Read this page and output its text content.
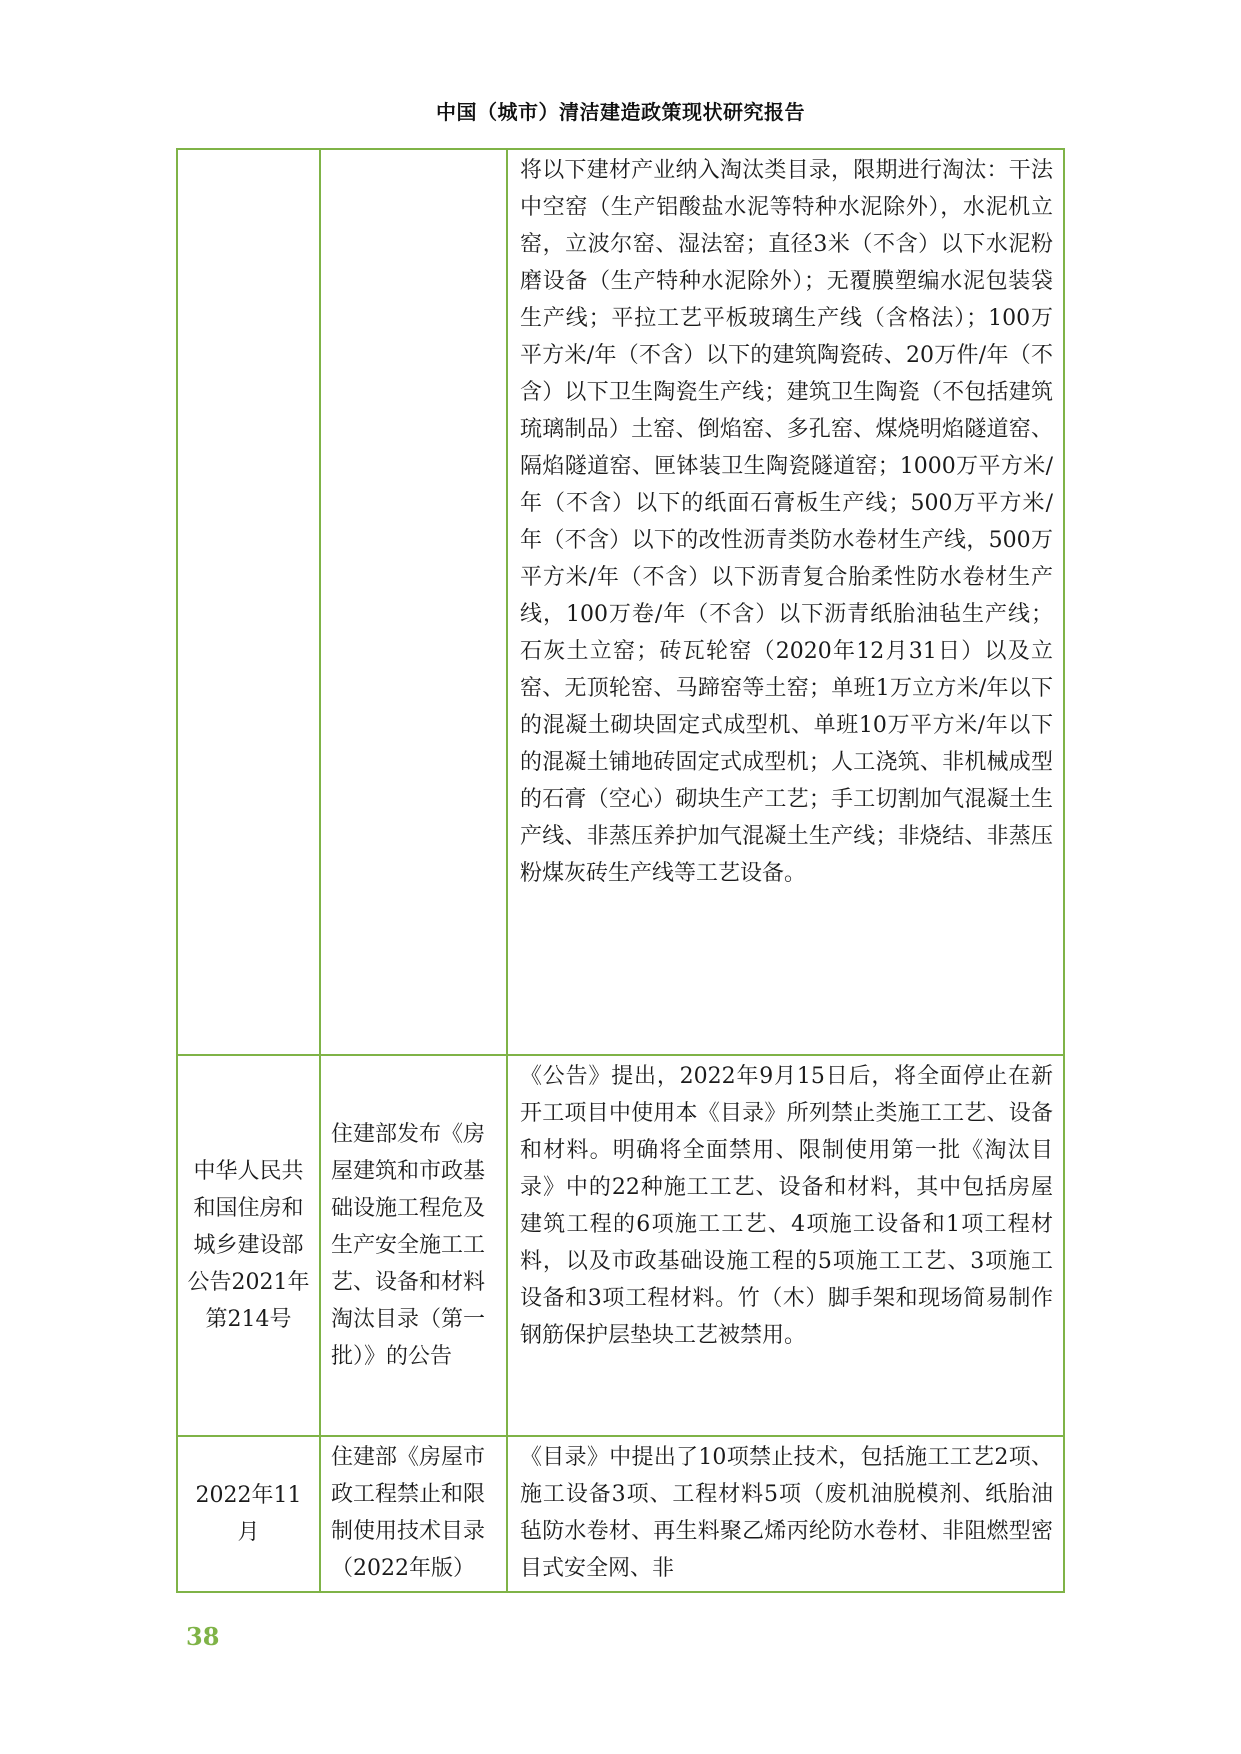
中国（城市）清洁建造政策现状研究报告
		将以下建材产业纳入淘汰类目录，限期进行淘汰：干法中空窑（生产铝酸盐水泥等特种水泥除外），水泥机立窑，立波尔窑、湿法窑；直径3米（不含）以下水泥粉磨设备（生产特种水泥除外）；无覆膜塑编水泥包装袋生产线；平拉工艺平板玻璃生产线（含格法）；100万平方米/年（不含）以下的建筑陶瓷砖、20万件/年（不含）以下卫生陶瓷生产线；建筑卫生陶瓷（不包括建筑琉璃制品）土窑、倒焰窑、多孔窑、煤烧明焰隧道窑、隔焰隧道窑、匣钵装卫生陶瓷隧道窑；1000万平方米/年（不含）以下的纸面石膏板生产线；500万平方米/年（不含）以下的改性沥青类防水卷材生产线，500万平方米/年（不含）以下沥青复合胎柔性防水卷材生产线，100万卷/年（不含）以下沥青纸胎油毡生产线；石灰土立窑；砖瓦轮窑（2020年12月31日）以及立窑、无顶轮窑、马蹄窑等土窑；单班1万立方米/年以下的混凝土砌块固定式成型机、单班10万平方米/年以下的混凝土铺地砖固定式成型机；人工浇筑、非机械成型的石膏（空心）砌块生产工艺；手工切割加气混凝土生产线、非蒸压养护加气混凝土生产线；非烧结、非蒸压粉煤灰砖生产线等工艺设备。
中华人民共和国住房和城乡建设部公告2021年第214号	住建部发布《房屋建筑和市政基础设施工程危及生产安全施工工艺、设备和材料淘汰目录（第一批）》的公告	《公告》提出，2022年9月15日后，将全面停止在新开工项目中使用本《目录》所列禁止类施工工艺、设备和材料。明确将全面禁用、限制使用第一批《淘汰目录》中的22种施工工艺、设备和材料，其中包括房屋建筑工程的6项施工工艺、4项施工设备和1项工程材料，以及市政基础设施工程的5项施工工艺、3项施工设备和3项工程材料。竹（木）脚手架和现场简易制作钢筋保护层垫块工艺被禁用。
2022年11月	住建部《房屋市政工程禁止和限制使用技术目录（2022年版）	《目录》中提出了10项禁止技术，包括施工工艺2项、施工设备3项、工程材料5项（废机油脱模剂、纸胎油毡防水卷材、再生料聚乙烯丙纶防水卷材、非阻燃型密目式安全网、非
38
